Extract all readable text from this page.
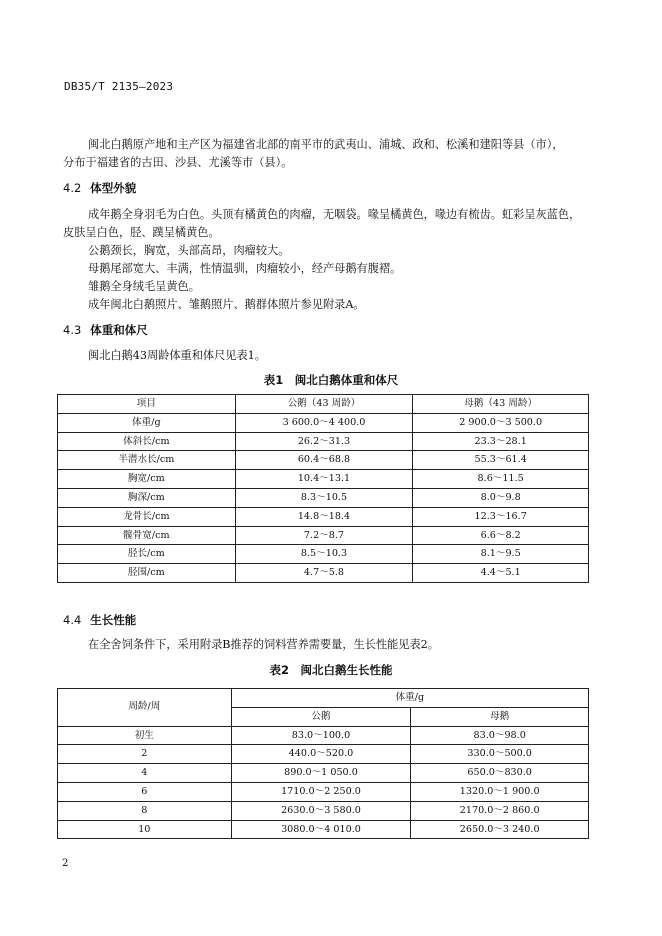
DB35/T 2135—2023
闽北白鹅原产地和主产区为福建省北部的南平市的武夷山、浦城、政和、松溪和建阳等县（市），
分布于福建省的古田、沙县、尤溪等市（县）。
4.2 体型外貌
成年鹅全身羽毛为白色。头顶有橘黄色的肉瘤，无咽袋。喙呈橘黄色，喙边有梳齿。虹彩呈灰蓝色，
皮肤呈白色，胫、蹼呈橘黄色。
公鹅颈长，胸宽，头部高昂，肉瘤较大。
母鹅尾部宽大、丰满，性情温驯，肉瘤较小，经产母鹅有腹褶。
雏鹅全身绒毛呈黄色。
成年闽北白鹅照片、雏鹅照片、鹅群体照片参见附录A。
4.3 体重和体尺
闽北白鹅43周龄体重和体尺见表1。
表1　闽北白鹅体重和体尺
项目	公鹅（43 周龄）	母鹅（43 周龄）
体重/g	3 600.0～4 400.0	2 900.0～3 500.0
体斜长/cm	26.2～31.3	23.3～28.1
半潜水长/cm	60.4～68.8	55.3～61.4
胸宽/cm	10.4～13.1	8.6～11.5
胸深/cm	8.3～10.5	8.0～9.8
龙骨长/cm	14.8～18.4	12.3～16.7
髋骨宽/cm	7.2～8.7	6.6～8.2
胫长/cm	8.5～10.3	8.1～9.5
胫围/cm	4.7～5.8	4.4～5.1
4.4 生长性能
在全舍饲条件下，采用附录B推荐的饲料营养需要量，生长性能见表2。
表2　闽北白鹅生长性能
周龄/周	体重/g	
	公鹅	母鹅
初生	83.0～100.0	83.0～98.0
2	440.0～520.0	330.0～500.0
4	890.0～1 050.0	650.0～830.0
6	1710.0～2 250.0	1320.0～1 900.0
8	2630.0～3 580.0	2170.0～2 860.0
10	3080.0～4 010.0	2650.0～3 240.0
2
